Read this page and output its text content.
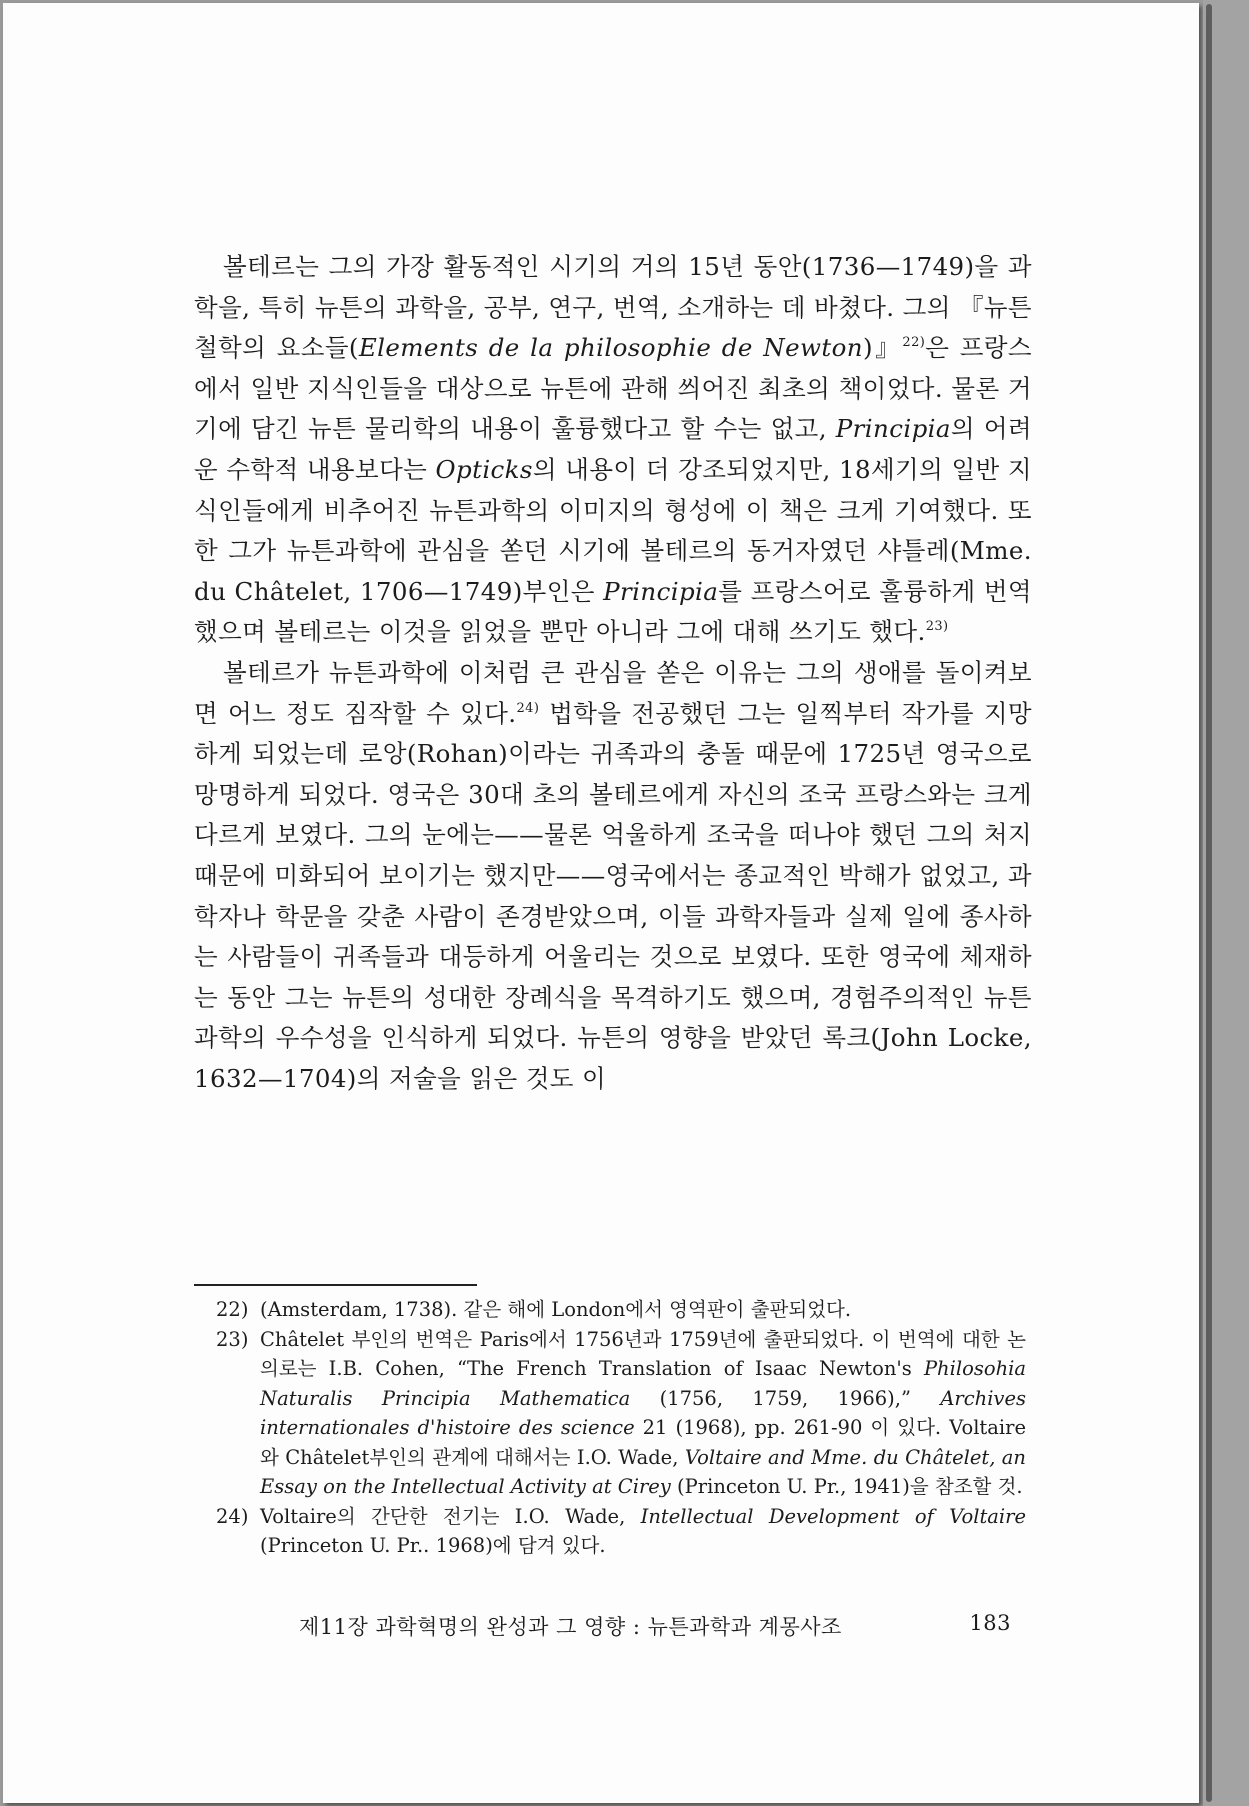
볼테르는 그의 가장 활동적인 시기의 거의 15년 동안(1736—1749)을 과학을, 특히 뉴튼의 과학을, 공부, 연구, 번역, 소개하는 데 바쳤다. 그의 『뉴튼 철학의 요소들(Elements de la philosophie de Newton)』$^{22)}$은 프랑스에서 일반 지식인들을 대상으로 뉴튼에 관해 씌어진 최초의 책이었다. 물론 거기에 담긴 뉴튼 물리학의 내용이 훌륭했다고 할 수는 없고, Principia의 어려운 수학적 내용보다는 Opticks의 내용이 더 강조되었지만, 18세기의 일반 지식인들에게 비추어진 뉴튼과학의 이미지의 형성에 이 책은 크게 기여했다. 또한 그가 뉴튼과학에 관심을 쏟던 시기에 볼테르의 동거자였던 샤틀레(Mme. du Châtelet, 1706—1749)부인은 Principia를 프랑스어로 훌륭하게 번역했으며 볼테르는 이것을 읽었을 뿐만 아니라 그에 대해 쓰기도 했다.$^{23)}$

볼테르가 뉴튼과학에 이처럼 큰 관심을 쏟은 이유는 그의 생애를 돌이켜보면 어느 정도 짐작할 수 있다.$^{24)}$ 법학을 전공했던 그는 일찍부터 작가를 지망하게 되었는데 로앙(Rohan)이라는 귀족과의 충돌 때문에 1725년 영국으로 망명하게 되었다. 영국은 30대 초의 볼테르에게 자신의 조국 프랑스와는 크게 다르게 보였다. 그의 눈에는——물론 억울하게 조국을 떠나야 했던 그의 처지 때문에 미화되어 보이기는 했지만——영국에서는 종교적인 박해가 없었고, 과학자나 학문을 갖춘 사람이 존경받았으며, 이들 과학자들과 실제 일에 종사하는 사람들이 귀족들과 대등하게 어울리는 것으로 보였다. 또한 영국에 체재하는 동안 그는 뉴튼의 성대한 장례식을 목격하기도 했으며, 경험주의적인 뉴튼과학의 우수성을 인식하게 되었다. 뉴튼의 영향을 받았던 록크(John Locke, 1632—1704)의 저술을 읽은 것도 이

22) (Amsterdam, 1738). 같은 해에 London에서 영역판이 출판되었다.

23) Châtelet 부인의 번역은 Paris에서 1756년과 1759년에 출판되었다. 이 번역에 대한 논의로는 I.B. Cohen, “The French Translation of Isaac Newton's Philosohia Naturalis Principia Mathematica (1756, 1759, 1966),” Archives internationales d'histoire des science 21 (1968), pp. 261-90 이 있다. Voltaire와 Châtelet부인의 관계에 대해서는 I.O. Wade, Voltaire and Mme. du Châtelet, an Essay on the Intellectual Activity at Cirey (Princeton U. Pr., 1941)을 참조할 것.

24) Voltaire의 간단한 전기는 I.O. Wade, Intellectual Development of Voltaire (Princeton U. Pr.. 1968)에 담겨 있다.

제11장 과학혁명의 완성과 그 영향 : 뉴튼과학과 계몽사조	183
